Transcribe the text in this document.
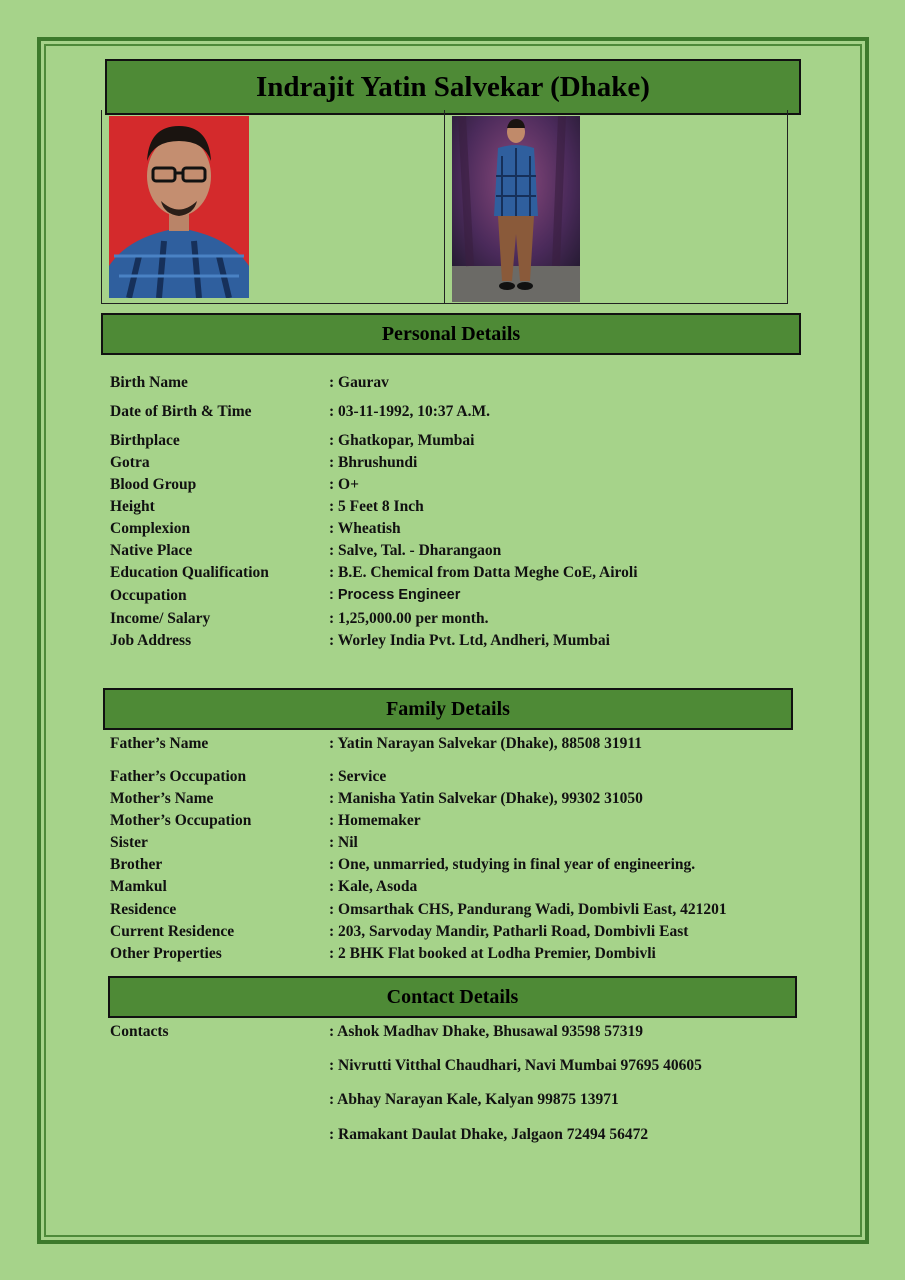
Indrajit Yatin Salvekar (Dhake)
Personal Details
Birth Name	: Gaurav
Date of Birth & Time	: 03-11-1992, 10:37 A.M.
Birthplace	: Ghatkopar, Mumbai
Gotra	: Bhrushundi
Blood Group	: O+
Height	: 5 Feet 8 Inch
Complexion	: Wheatish
Native Place	: Salve, Tal. - Dharangaon
Education Qualification	: B.E. Chemical from Datta Meghe CoE, Airoli
Occupation	: Process Engineer
Income/ Salary	: 1,25,000.00 per month.
Job Address	: Worley India Pvt. Ltd, Andheri, Mumbai
Family Details
Father’s Name	: Yatin Narayan Salvekar (Dhake), 88508 31911
Father’s Occupation	: Service
Mother’s Name	: Manisha Yatin Salvekar (Dhake), 99302 31050
Mother’s Occupation	: Homemaker
Sister	: Nil
Brother	: One, unmarried, studying in final year of engineering.
Mamkul	: Kale, Asoda
Residence	: Omsarthak CHS, Pandurang Wadi, Dombivli East, 421201
Current Residence	: 203, Sarvoday Mandir, Patharli Road, Dombivli East
Other Properties	: 2 BHK Flat booked at Lodha Premier, Dombivli
Contact Details
Contacts	: Ashok Madhav Dhake, Bhusawal 93598 57319
: Nivrutti Vitthal Chaudhari, Navi Mumbai 97695 40605
: Abhay Narayan Kale, Kalyan 99875 13971
: Ramakant Daulat Dhake, Jalgaon 72494 56472
